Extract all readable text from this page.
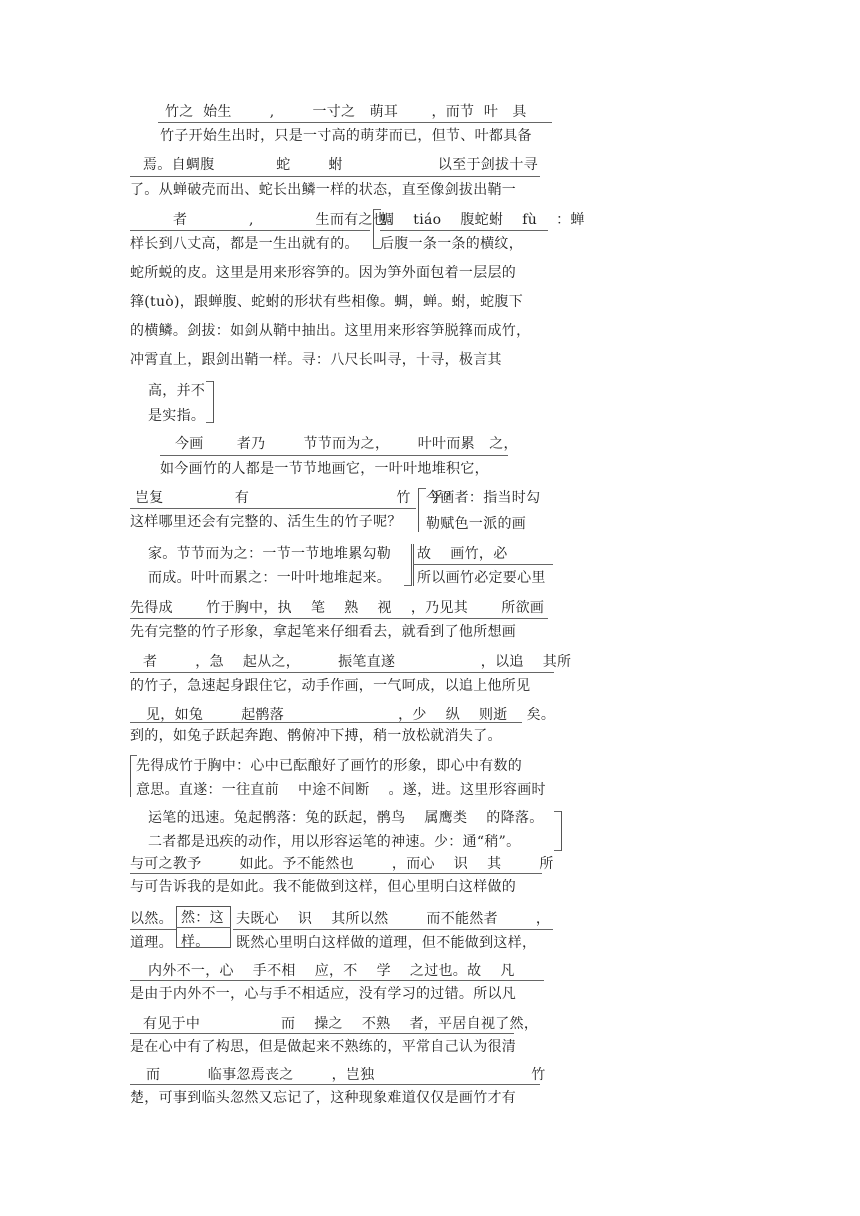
竹之  始生        ,        一寸之   萌耳       ，而节  叶   具
竹子开始生出时，只是一寸高的萌芽而已，但节、叶都具备
焉。自蜩腹             蛇        蚹                    以至于剑拔十寻
了。从蝉破壳而出、蛇长出鳞一样的状态，直至像剑拔出鞘一
者             ,             生而有之也。
样长到八丈高，都是一生出就有的。
蜩    tiáo    腹蛇蚹    fù    ：蝉
后腹一条一条的横纹，
蛇所蜕的皮。这里是用来形容笋的。因为笋外面包着一层层的
箨(tuò)，跟蝉腹、蛇蚹的形状有些相像。蜩，蝉。蚹，蛇腹下
的横鳞。剑拔：如剑从鞘中抽出。这里用来形容笋脱箨而成竹，
冲霄直上，跟剑出鞘一样。寻：八尺长叫寻，十寻，极言其
高，并不
是实指。
今画       者乃        节节而为之，      叶叶而累   之，
如今画竹的人都是一节节地画它，一叶叶地堆积它，
岂复               有                               竹    乎？
这样哪里还会有完整的、活生生的竹子呢？
今画者：指当时勾
勒赋色一派的画
家。节节而为之：一节一节地堆累勾勒
而成。叶叶而累之：一叶叶地堆起来。
故    画竹，必
所以画竹必定要心里
先得成       竹于胸中，执    笔    熟    视    ，乃见其       所欲画
先有完整的竹子形象，拿起笔来仔细看去，就看到了他所想画
者        ，急    起从之，        振笔直遂                  ，以追    其所
的竹子，急速起身跟住它，动手作画，一气呵成，以追上他所见
见，如兔        起鹘落                        ，少    纵    则逝    矣。
到的，如兔子跃起奔跑、鹘俯冲下搏，稍一放松就消失了。
先得成竹于胸中：心中已酝酿好了画竹的形象，即心中有数的
意思。直遂：一往直前    中途不间断    。遂，进。这里形容画时
运笔的迅速。兔起鹘落：兔的跃起，鹘鸟    属鹰类    的降落。
二者都是迅疾的动作，用以形容运笔的神速。少：通“稍”。
与可之教予        如此。予不能然也        ，而心    识    其        所
与可告诉我的是如此。我不能做到这样，但心里明白这样做的
以然。
道理。
然：这
样。
夫既心    识    其所以然        而不能然者        ，
既然心里明白这样做的道理，但不能做到这样，
内外不一，心    手不相    应，不    学    之过也。故    凡
是由于内外不一，心与手不相适应，没有学习的过错。所以凡
有见于中                 而    操之    不熟    者，平居自视了然，
是在心中有了构思，但是做起来不熟练的，平常自己认为很清
而          临事忽焉丧之        ，岂独                                 竹
楚，可事到临头忽然又忘记了，这种现象难道仅仅是画竹才有
